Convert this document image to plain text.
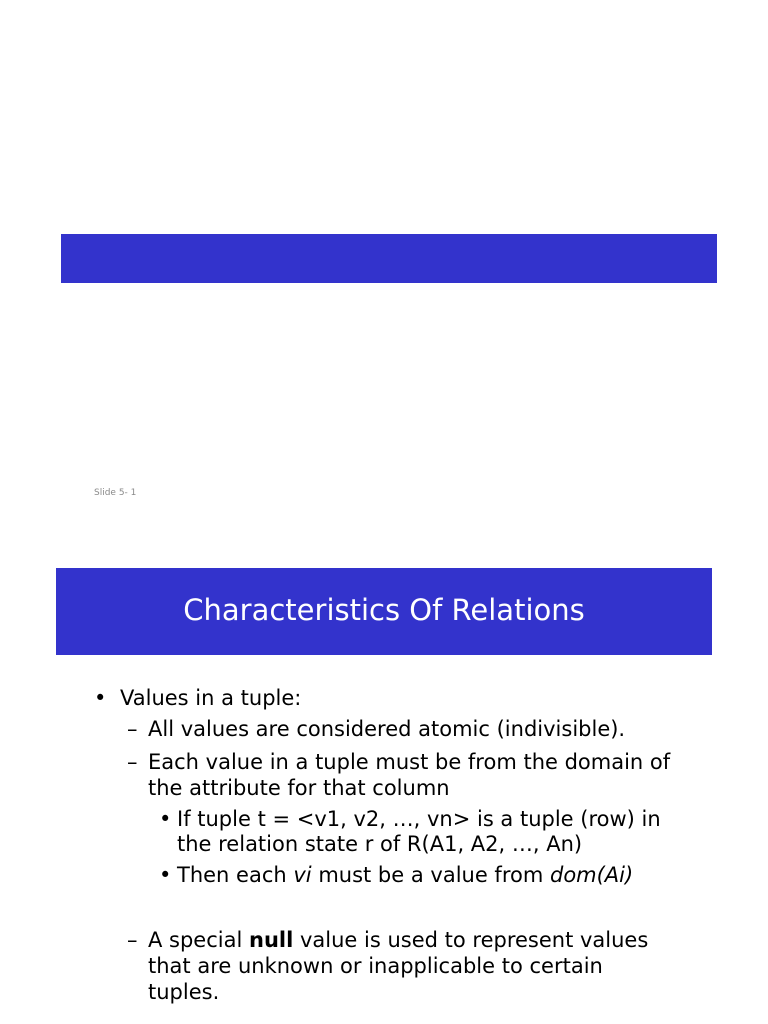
Relational  Database Constraints

Slide 5- 1
Characteristics Of Relations
• Values in a tuple:
– All values are considered atomic (indivisible).
– Each value in a tuple must be from the domain of
the attribute for that column
• If tuple t = <v1, v2, …, vn> is a tuple (row) in
the relation state r of R(A1, A2, …, An)
• Then each vi must be a value from dom(Ai)
– A special null value is used to represent values
that are unknown or inapplicable to certain
tuples.
